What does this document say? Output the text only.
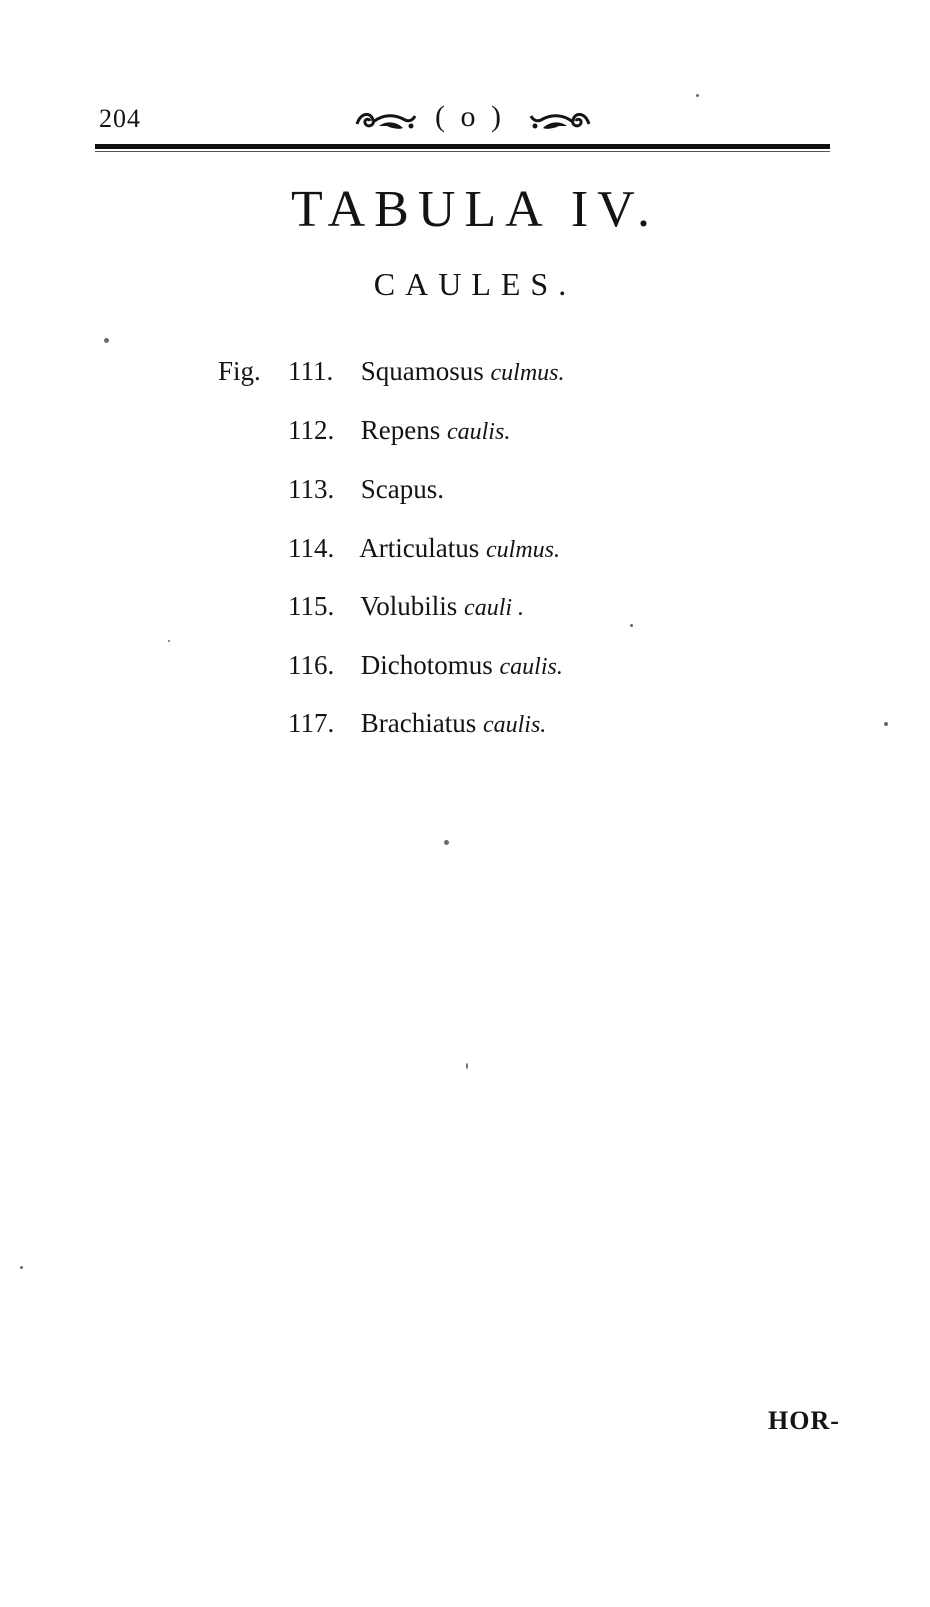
204	( o )
TABULA IV.
CAULES.
Fig. 111. Squamosus culmus.
112. Repens caulis.
113. Scapus.
114. Articulatus culmus.
115. Volubilis cauli .
116. Dichotomus caulis.
117. Brachiatus caulis.
HOR-
